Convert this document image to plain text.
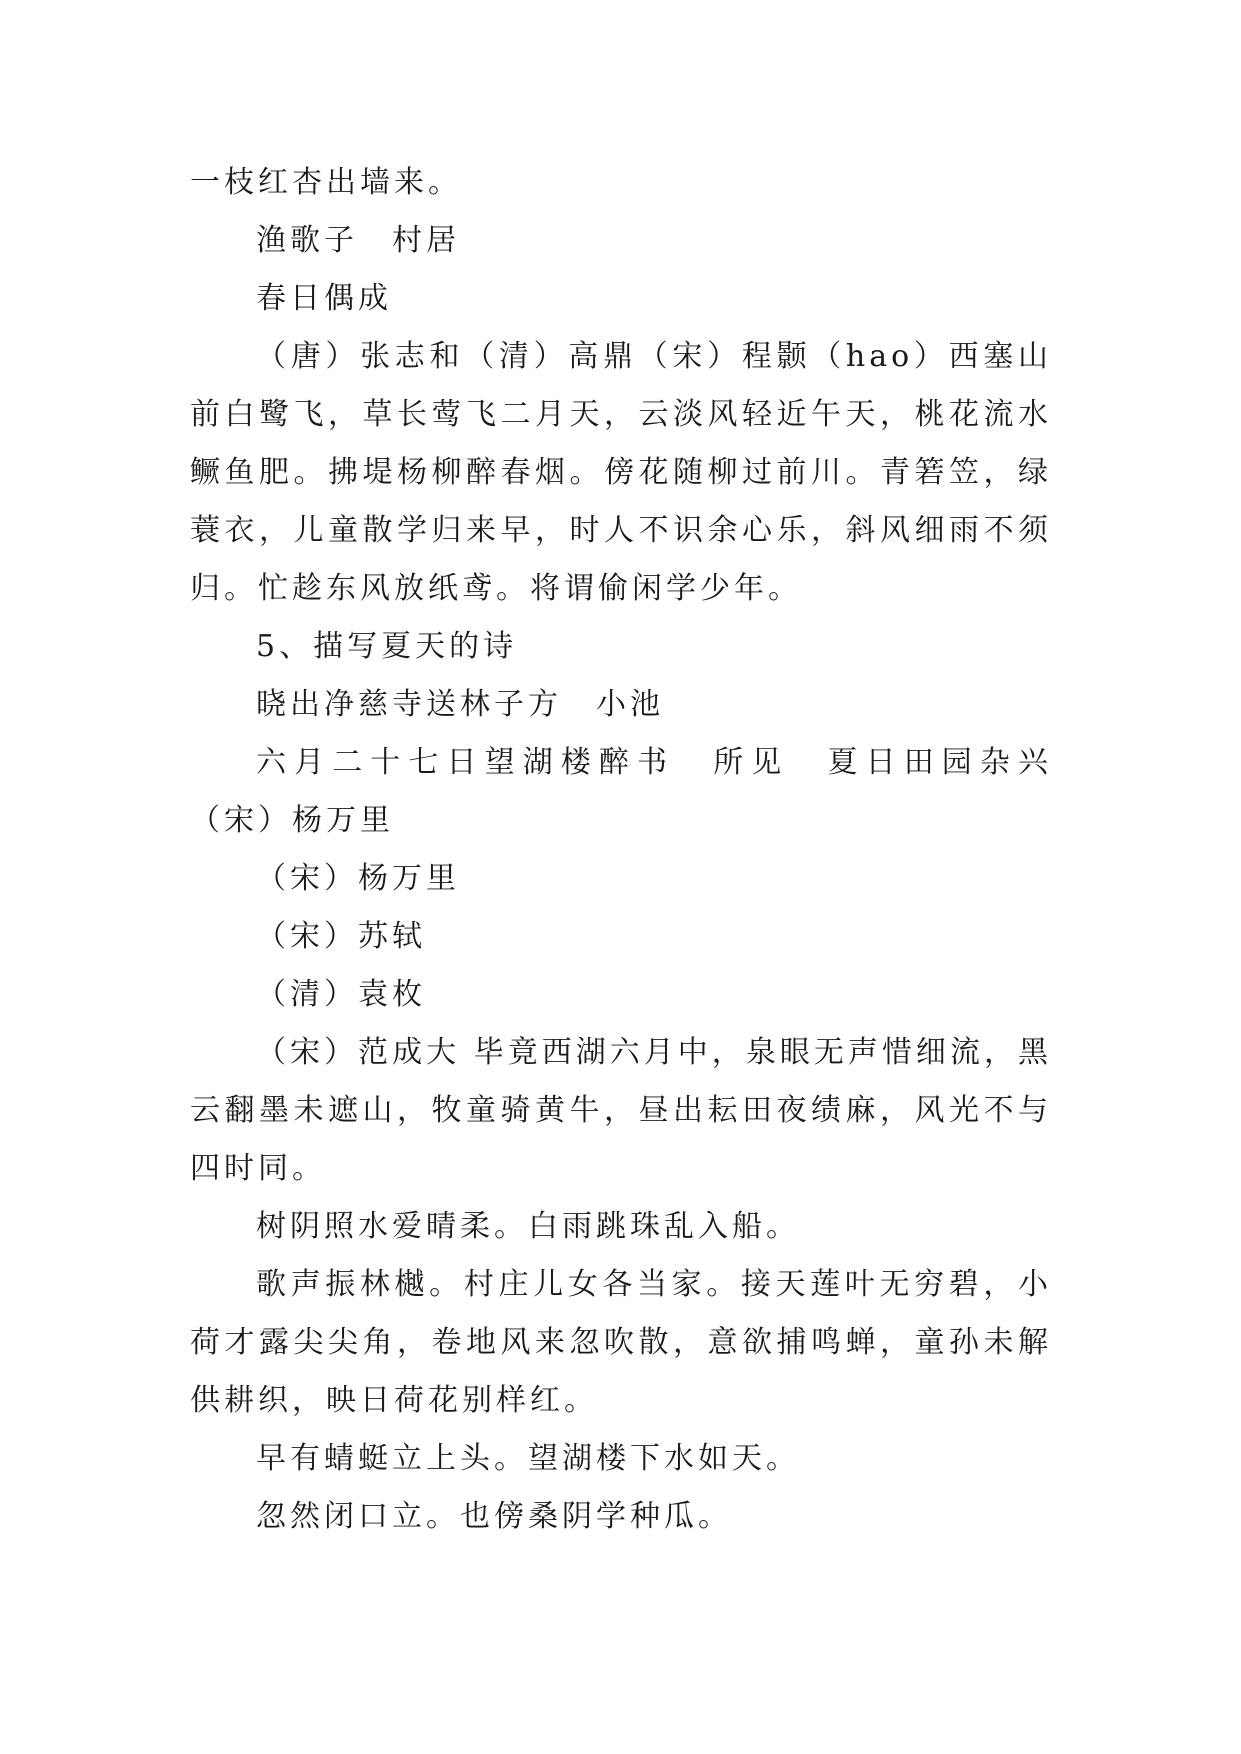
一枝红杏出墙来。

渔歌子　村居

春日偶成

（唐）张志和（清）高鼎（宋）程颢（hao）西塞山前白鹭飞，草长莺飞二月天，云淡风轻近午天，桃花流水鳜鱼肥。拂堤杨柳醉春烟。傍花随柳过前川。青箬笠，绿蓑衣，儿童散学归来早，时人不识余心乐，斜风细雨不须归。忙趁东风放纸鸢。将谓偷闲学少年。

5、描写夏天的诗

晓出净慈寺送林子方　小池

六月二十七日望湖楼醉书　所见　夏日田园杂兴（宋）杨万里

（宋）杨万里

（宋）苏轼

（清）袁枚

（宋）范成大 毕竟西湖六月中，泉眼无声惜细流，黑云翻墨未遮山，牧童骑黄牛，昼出耘田夜绩麻，风光不与四时同。

树阴照水爱晴柔。白雨跳珠乱入船。

歌声振林樾。村庄儿女各当家。接天莲叶无穷碧，小荷才露尖尖角，卷地风来忽吹散，意欲捕鸣蝉，童孙未解供耕织，映日荷花别样红。

早有蜻蜓立上头。望湖楼下水如天。

忽然闭口立。也傍桑阴学种瓜。
